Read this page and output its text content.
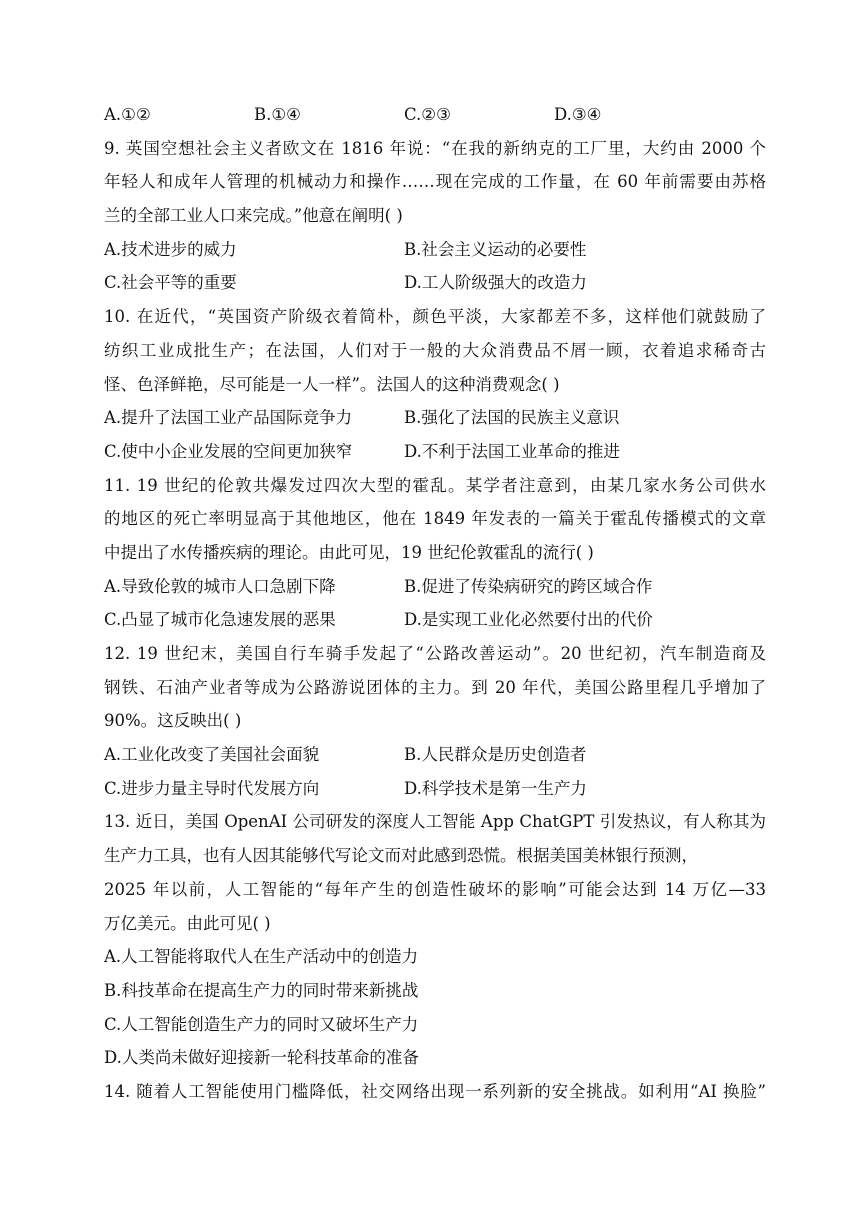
A.①②	B.①④	C.②③	D.③④
9. 英国空想社会主义者欧文在 1816 年说：“在我的新纳克的工厂里，大约由 2000 个
年轻人和成年人管理的机械动力和操作……现在完成的工作量，在 60 年前需要由苏格
兰的全部工业人口来完成。”他意在阐明( )
A.技术进步的威力	B.社会主义运动的必要性
C.社会平等的重要	D.工人阶级强大的改造力
10. 在近代，“英国资产阶级衣着简朴，颜色平淡，大家都差不多，这样他们就鼓励了
纺织工业成批生产；在法国，人们对于一般的大众消费品不屑一顾，衣着追求稀奇古
怪、色泽鲜艳，尽可能是一人一样”。法国人的这种消费观念( )
A.提升了法国工业产品国际竞争力	B.强化了法国的民族主义意识
C.使中小企业发展的空间更加狭窄	D.不利于法国工业革命的推进
11. 19 世纪的伦敦共爆发过四次大型的霍乱。某学者注意到，由某几家水务公司供水
的地区的死亡率明显高于其他地区，他在 1849 年发表的一篇关于霍乱传播模式的文章
中提出了水传播疾病的理论。由此可见，19 世纪伦敦霍乱的流行( )
A.导致伦敦的城市人口急剧下降	B.促进了传染病研究的跨区域合作
C.凸显了城市化急速发展的恶果	D.是实现工业化必然要付出的代价
12. 19 世纪末，美国自行车骑手发起了“公路改善运动”。20 世纪初，汽车制造商及
钢铁、石油产业者等成为公路游说团体的主力。到 20 年代，美国公路里程几乎增加了
90%。这反映出( )
A.工业化改变了美国社会面貌	B.人民群众是历史创造者
C.进步力量主导时代发展方向	D.科学技术是第一生产力
13. 近日，美国 OpenAI 公司研发的深度人工智能 App ChatGPT 引发热议，有人称其为
生产力工具，也有人因其能够代写论文而对此感到恐慌。根据美国美林银行预测，
2025 年以前，人工智能的“每年产生的创造性破坏的影响”可能会达到 14 万亿—33
万亿美元。由此可见( )
A.人工智能将取代人在生产活动中的创造力
B.科技革命在提高生产力的同时带来新挑战
C.人工智能创造生产力的同时又破坏生产力
D.人类尚未做好迎接新一轮科技革命的准备
14. 随着人工智能使用门槛降低，社交网络出现一系列新的安全挑战。如利用“AI 换脸”
